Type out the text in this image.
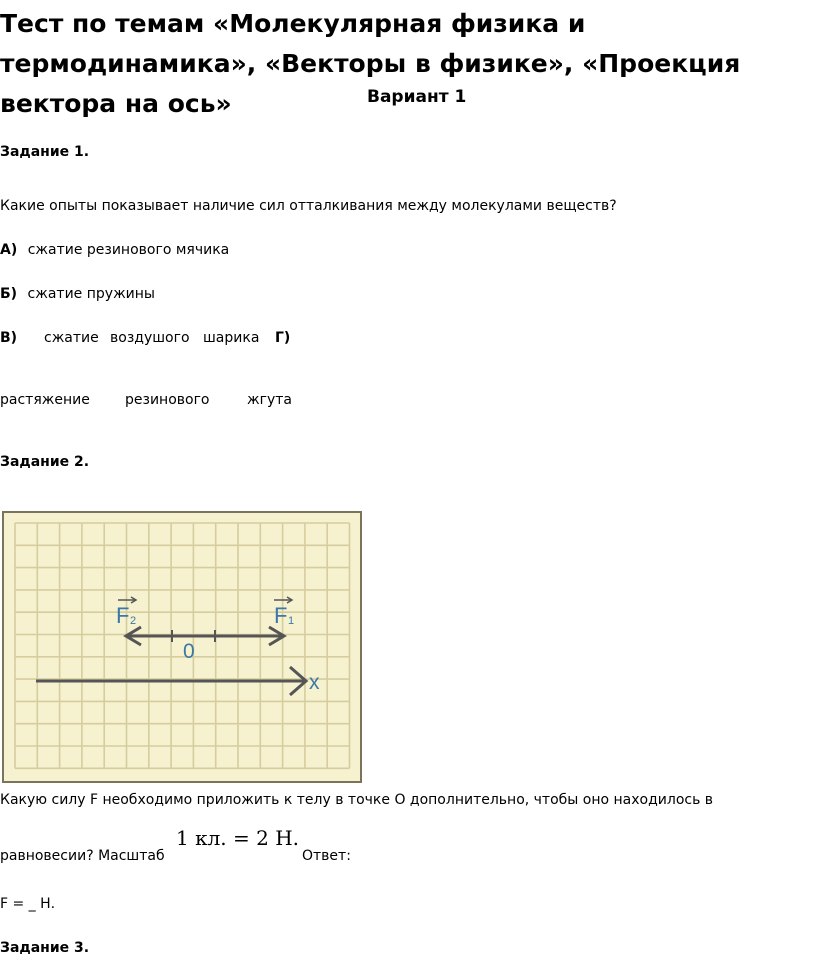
Тест по темам «Молекулярная физика и термодинамика», «Векторы в физике», «Проекция вектора на ось»	Вариант 1
Задание 1.
Какие опыты показывает наличие сил отталкивания между молекулами веществ?
А) сжатие резинового мячика
Б) сжатие пружины
В) сжатие воздушого шарика Г)
растяжение	резинового	жгута
Задание 2.
F 2	F 1
0
x
Какую силу F необходимо приложить к телу в точке О дополнительно, чтобы оно находилось в
равновесии? Масштаб
1 кл. = 2 Н.
Ответ:
F = _ Н.
Задание 3.
